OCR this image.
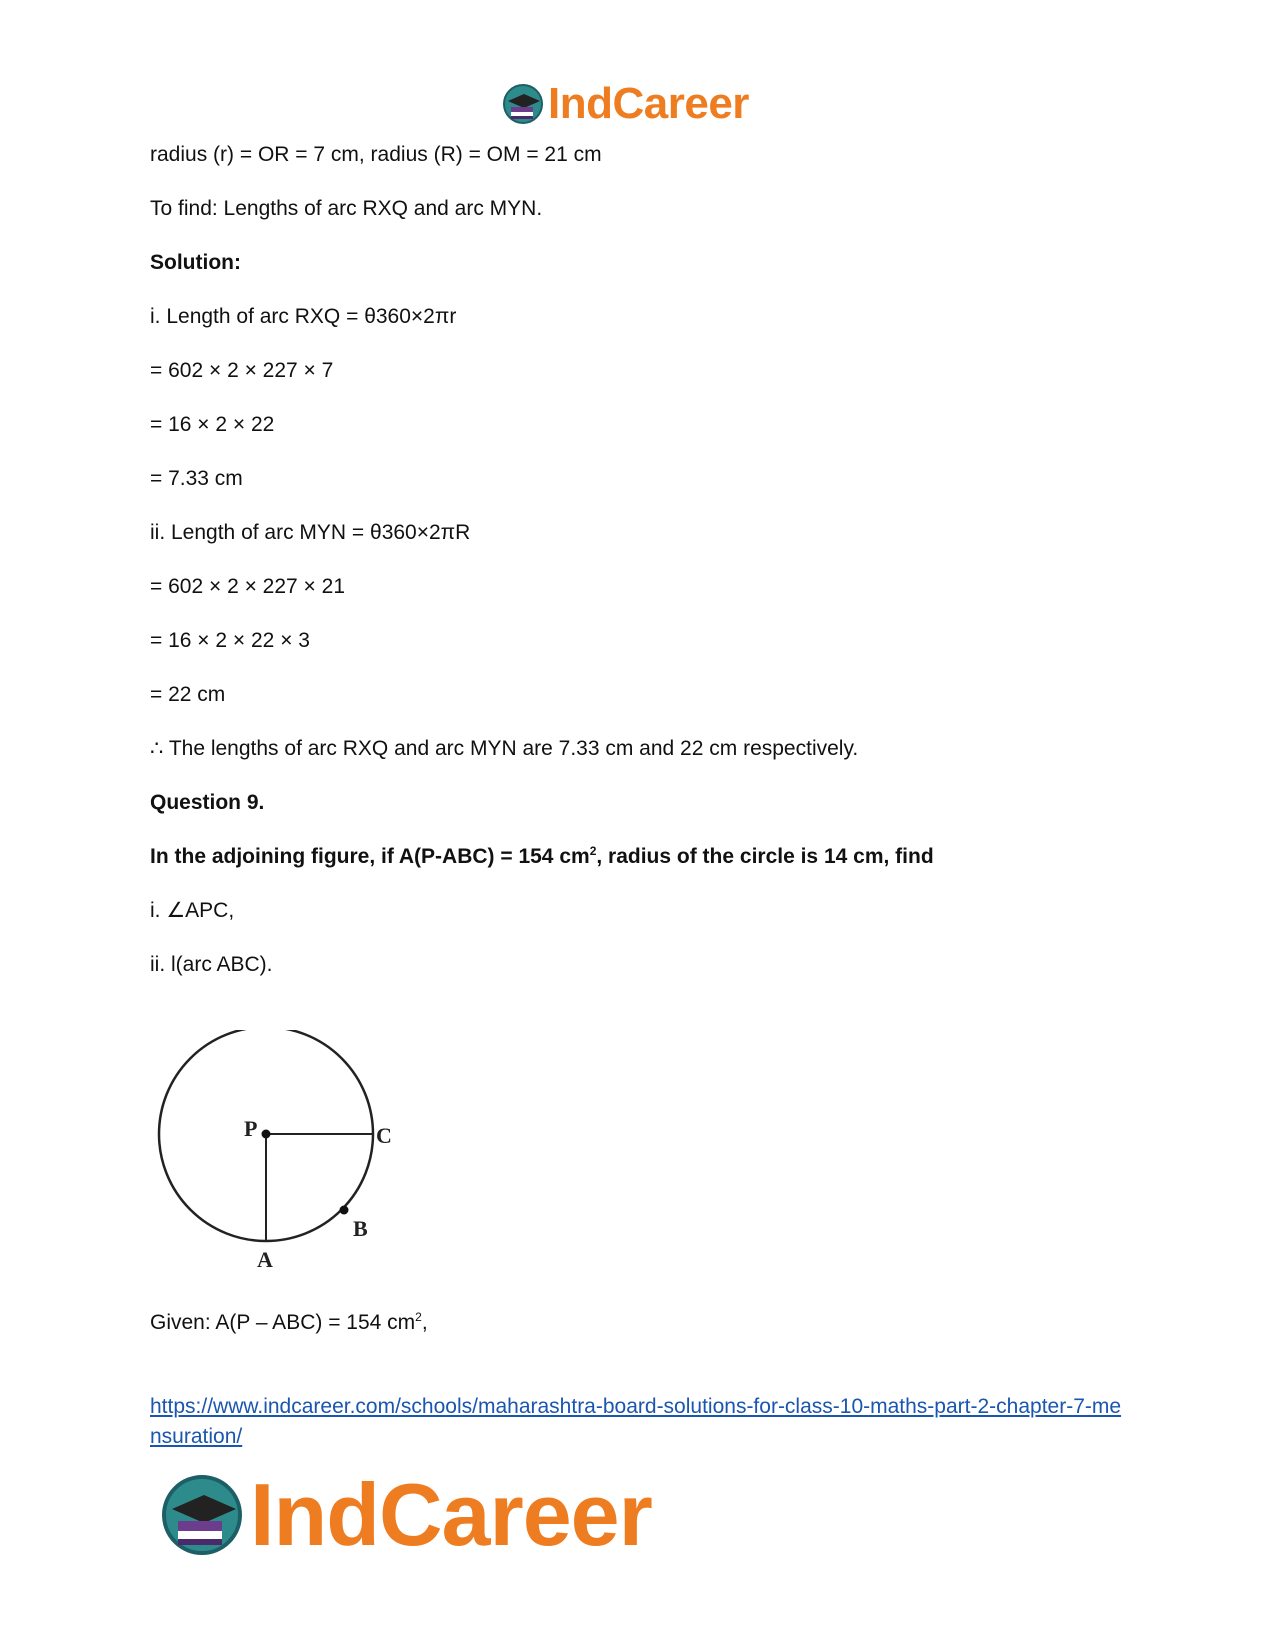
IndCareer
radius (r) = OR = 7 cm, radius (R) = OM = 21 cm
To find: Lengths of arc RXQ and arc MYN.
Solution:
i. Length of arc RXQ = θ360×2πr
= 602 × 2 × 227 × 7
= 16 × 2 × 22
= 7.33 cm
ii. Length of arc MYN = θ360×2πR
= 602 × 2 × 227 × 21
= 16 × 2 × 22 × 3
= 22 cm
∴ The lengths of arc RXQ and arc MYN are 7.33 cm and 22 cm respectively.
Question 9.
In the adjoining figure, if A(P-ABC) = 154 $cm^2$, radius of the circle is 14 cm, find
i. ∠APC,
ii. l(arc ABC).
P	C
B
A
Given: A(P – ABC) = 154 $cm^2$,
https://www.indcareer.com/schools/maharashtra-board-solutions-for-class-10-maths-part-2-chapter-7-mensuration/
IndCareer
